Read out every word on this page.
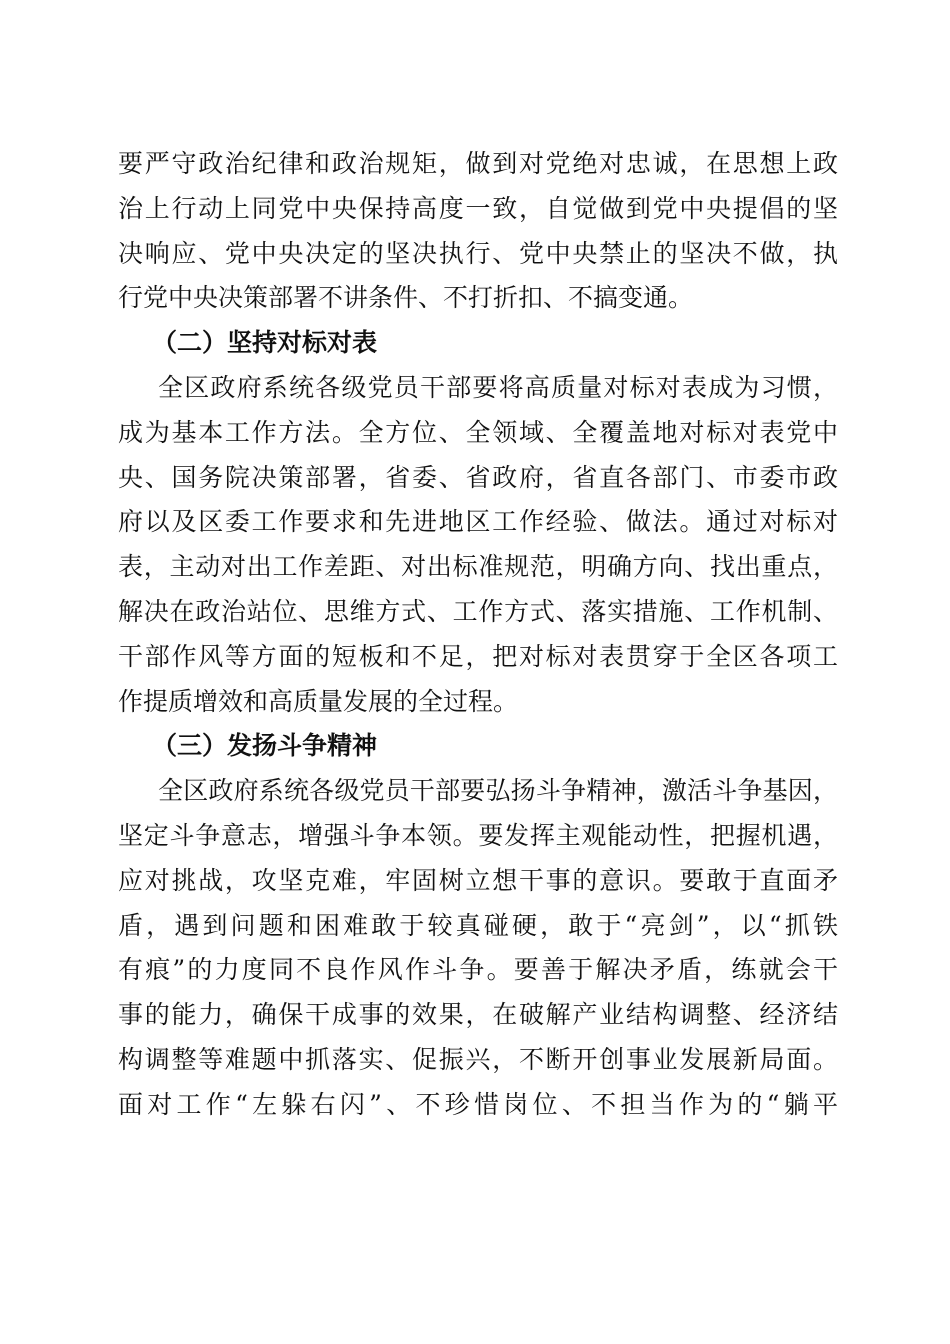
要严守政治纪律和政治规矩，做到对党绝对忠诚，在思想上政
治上行动上同党中央保持高度一致，自觉做到党中央提倡的坚
决响应、党中央决定的坚决执行、党中央禁止的坚决不做，执
行党中央决策部署不讲条件、不打折扣、不搞变通。
（二）坚持对标对表
全区政府系统各级党员干部要将高质量对标对表成为习惯，
成为基本工作方法。全方位、全领域、全覆盖地对标对表党中
央、国务院决策部署，省委、省政府，省直各部门、市委市政
府以及区委工作要求和先进地区工作经验、做法。通过对标对
表，主动对出工作差距、对出标准规范，明确方向、找出重点，
解决在政治站位、思维方式、工作方式、落实措施、工作机制、
干部作风等方面的短板和不足，把对标对表贯穿于全区各项工
作提质增效和高质量发展的全过程。
（三）发扬斗争精神
全区政府系统各级党员干部要弘扬斗争精神，激活斗争基因，
坚定斗争意志，增强斗争本领。要发挥主观能动性，把握机遇，
应对挑战，攻坚克难，牢固树立想干事的意识。要敢于直面矛
盾，遇到问题和困难敢于较真碰硬，敢于“亮剑”，以“抓铁
有痕”的力度同不良作风作斗争。要善于解决矛盾，练就会干
事的能力，确保干成事的效果，在破解产业结构调整、经济结
构调整等难题中抓落实、促振兴，不断开创事业发展新局面。
面对工作“左躲右闪”、不珍惜岗位、不担当作为的“躺平
